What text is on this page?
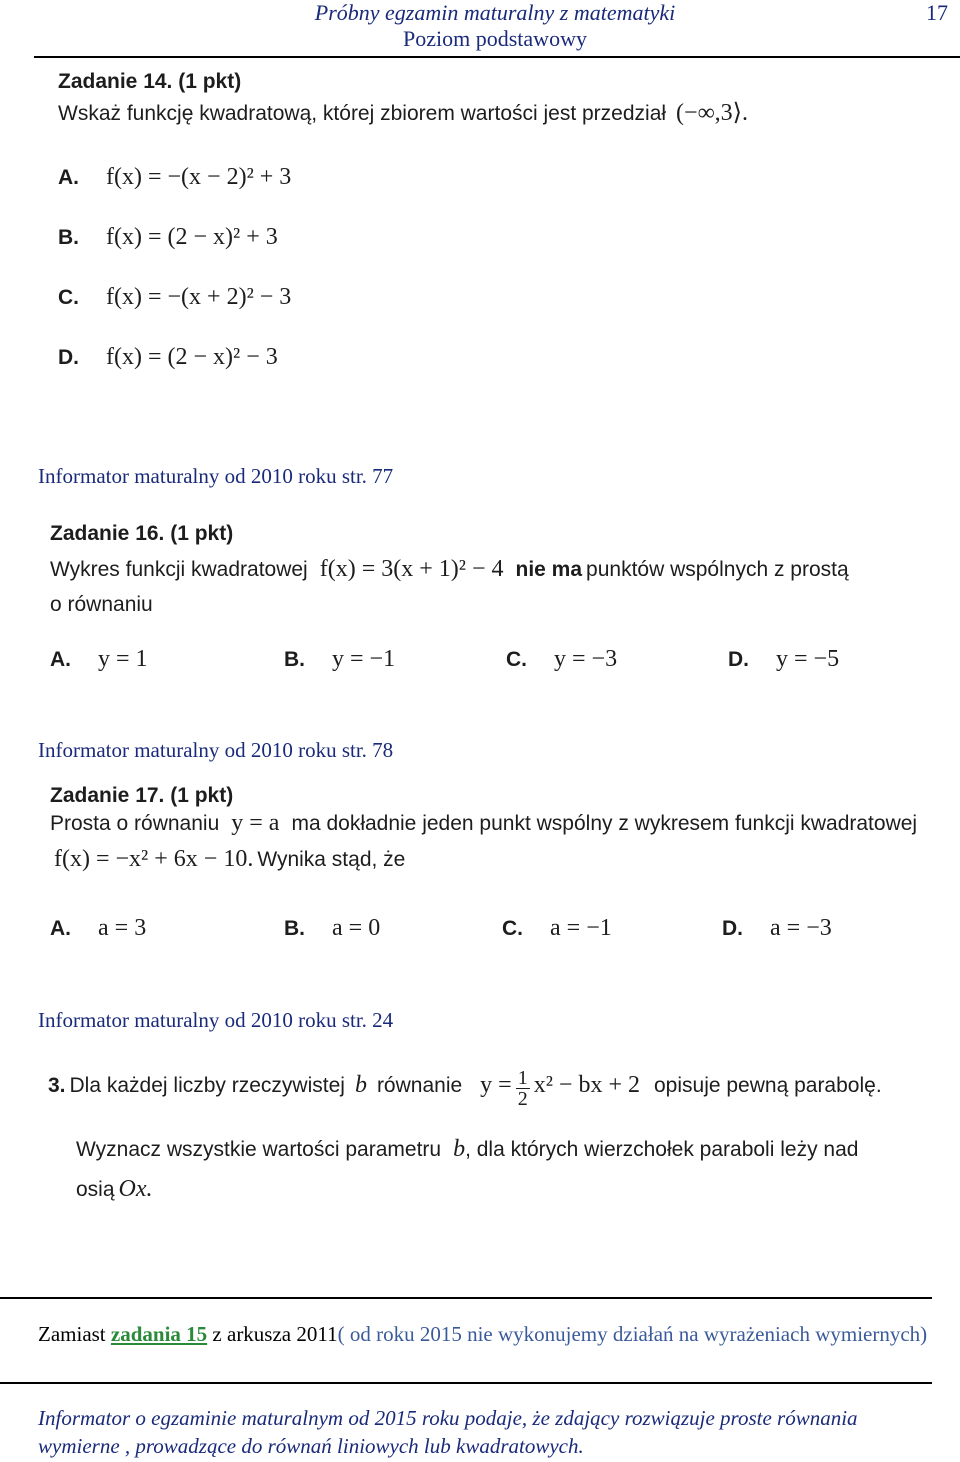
Próbny egzamin maturalny z matematyki
Poziom podstawowy
17
Zadanie 14. (1 pkt)
Wskaż funkcję kwadratową, której zbiorem wartości jest przedział (−∞,3⟩.
A. f(x) = −(x − 2)² + 3
B. f(x) = (2 − x)² + 3
C. f(x) = −(x + 2)² − 3
D. f(x) = (2 − x)² − 3
Informator maturalny od 2010 roku str. 77
Zadanie 16. (1 pkt)
Wykres funkcji kwadratowej f(x) = 3(x + 1)² − 4 nie ma punktów wspólnych z prostą
o równaniu
A. y = 1	B. y = −1	C. y = −3	D. y = −5
Informator maturalny od 2010 roku str. 78
Zadanie 17. (1 pkt)
Prosta o równaniu y = a ma dokładnie jeden punkt wspólny z wykresem funkcji kwadratowej
f(x) = −x² + 6x − 10. Wynika stąd, że
A. a = 3	B. a = 0	C. a = −1	D. a = −3
Informator maturalny od 2010 roku str. 24
3. Dla każdej liczby rzeczywistej b równanie $y = \frac{1}{2} x^2$ − bx + 2 opisuje pewną parabolę.
Wyznacz wszystkie wartości parametru b, dla których wierzchołek paraboli leży nad
osią Ox.
Zamiast zadania 15 z arkusza 2011( od roku 2015 nie wykonujemy działań na wyrażeniach wymiernych)
Informator o egzaminie maturalnym od 2015 roku podaje, że zdający rozwiązuje proste równania wymierne , prowadzące do równań liniowych lub kwadratowych.
